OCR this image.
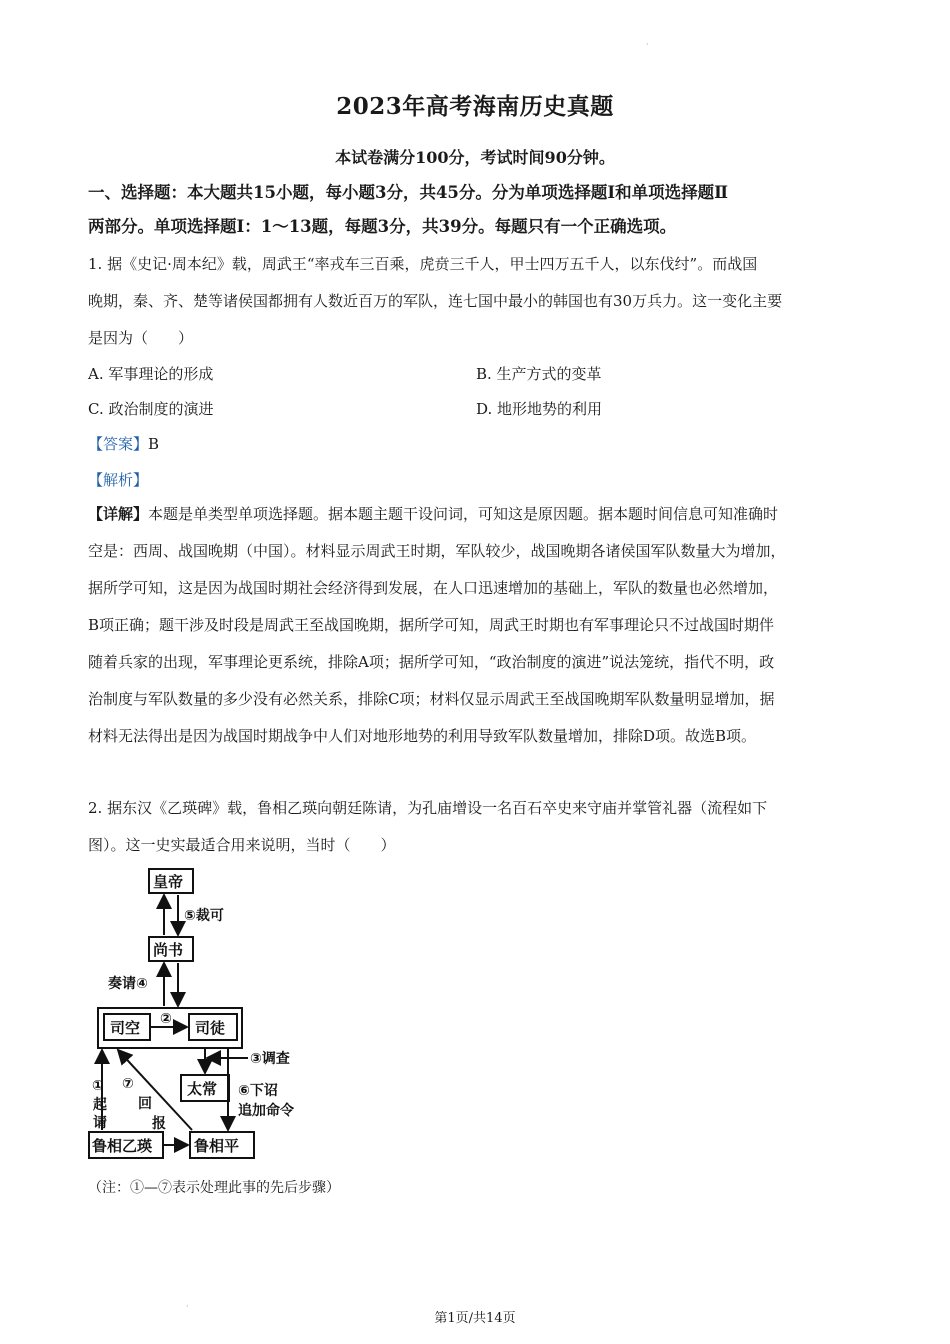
·
2023年高考海南历史真题
本试卷满分100分，考试时间90分钟。
一、选择题：本大题共15小题，每小题3分，共45分。分为单项选择题Ⅰ和单项选择题Ⅱ
两部分。单项选择题Ⅰ：1～13题，每题3分，共39分。每题只有一个正确选项。
1. 据《史记·周本纪》载，周武王“率戎车三百乘，虎贲三千人，甲士四万五千人，以东伐纣”。而战国
晚期，秦、齐、楚等诸侯国都拥有人数近百万的军队，连七国中最小的韩国也有30万兵力。这一变化主要
是因为（　　）
A. 军事理论的形成	B. 生产方式的变革
C. 政治制度的演进	D. 地形地势的利用
【答案】B
【解析】
【详解】本题是单类型单项选择题。据本题主题干设问词，可知这是原因题。据本题时间信息可知准确时
空是：西周、战国晚期（中国）。材料显示周武王时期，军队较少，战国晚期各诸侯国军队数量大为增加，
据所学可知，这是因为战国时期社会经济得到发展，在人口迅速增加的基础上，军队的数量也必然增加，
B项正确；题干涉及时段是周武王至战国晚期，据所学可知，周武王时期也有军事理论只不过战国时期伴
随着兵家的出现，军事理论更系统，排除A项；据所学可知，“政治制度的演进”说法笼统，指代不明，政
治制度与军队数量的多少没有必然关系，排除C项；材料仅显示周武王至战国晚期军队数量明显增加，据
材料无法得出是因为战国时期战争中人们对地形地势的利用导致军队数量增加，排除D项。故选B项。
2. 据东汉《乙瑛碑》载，鲁相乙瑛向朝廷陈请，为孔庙增设一名百石卒史来守庙并掌管礼器（流程如下
图）。这一史实最适合用来说明，当时（　　）
皇帝
尚书
司空	司徒
太常
鲁相乙瑛	鲁相平
⑤裁可
奏请④
②
③调查
⑥下诏
追加命令
①
起
请
⑦
回
报
（注：①—⑦表示处理此事的先后步骤）
·
第1页/共14页
